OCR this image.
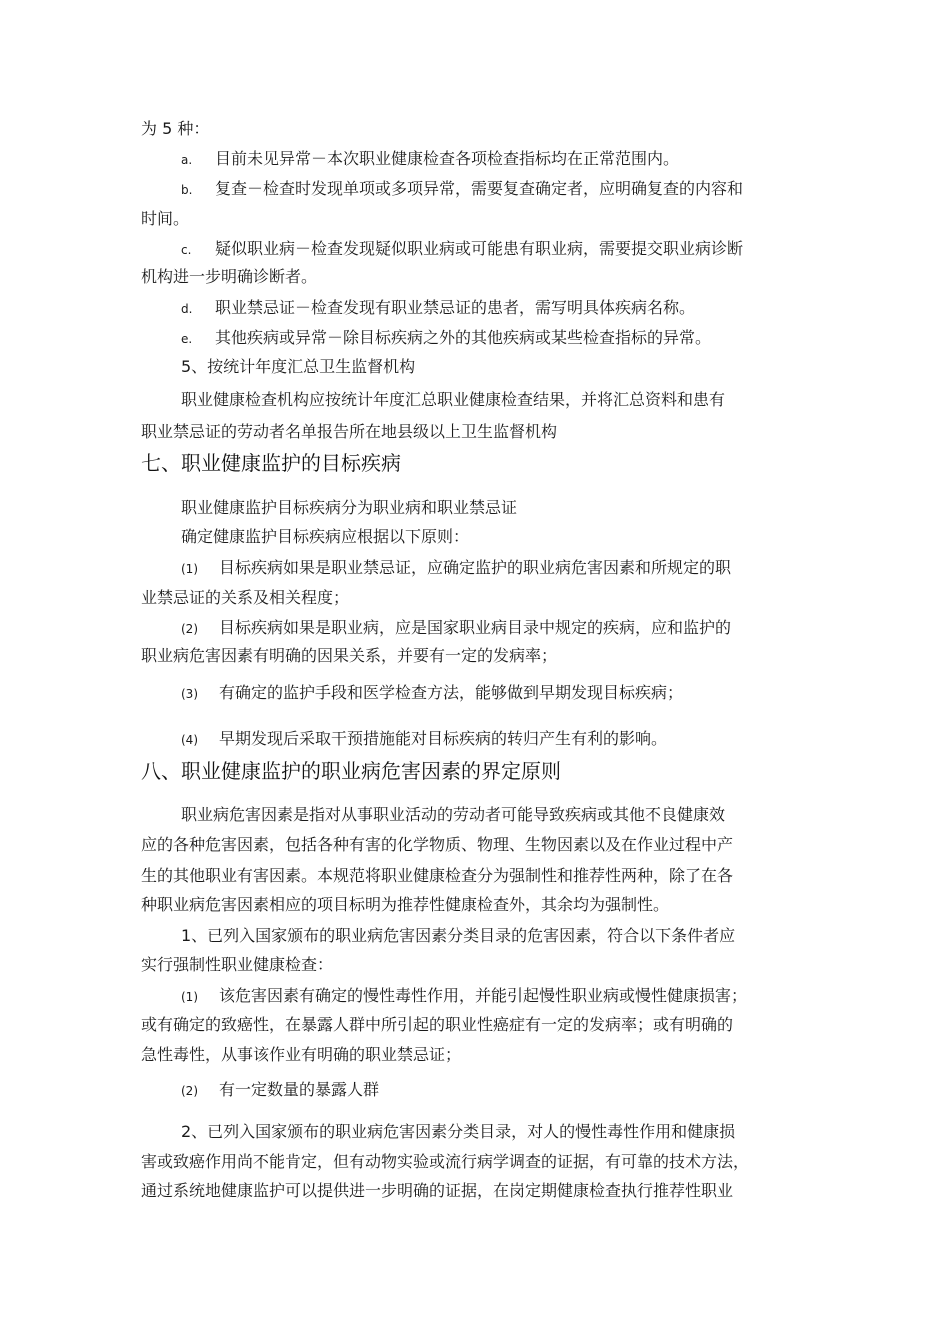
为 5 种：
a. 目前未见异常－本次职业健康检查各项检查指标均在正常范围内。
b. 复查－检查时发现单项或多项异常，需要复查确定者，应明确复查的内容和
时间。
c. 疑似职业病－检查发现疑似职业病或可能患有职业病，需要提交职业病诊断
机构进一步明确诊断者。
d. 职业禁忌证－检查发现有职业禁忌证的患者，需写明具体疾病名称。
e. 其他疾病或异常－除目标疾病之外的其他疾病或某些检查指标的异常。
5、按统计年度汇总卫生监督机构
职业健康检查机构应按统计年度汇总职业健康检查结果，并将汇总资料和患有
职业禁忌证的劳动者名单报告所在地县级以上卫生监督机构
七、职业健康监护的目标疾病
职业健康监护目标疾病分为职业病和职业禁忌证
确定健康监护目标疾病应根据以下原则：
(1) 目标疾病如果是职业禁忌证，应确定监护的职业病危害因素和所规定的职
业禁忌证的关系及相关程度；
(2) 目标疾病如果是职业病，应是国家职业病目录中规定的疾病，应和监护的
职业病危害因素有明确的因果关系，并要有一定的发病率；
(3) 有确定的监护手段和医学检查方法，能够做到早期发现目标疾病；
(4) 早期发现后采取干预措施能对目标疾病的转归产生有利的影响。
八、职业健康监护的职业病危害因素的界定原则
职业病危害因素是指对从事职业活动的劳动者可能导致疾病或其他不良健康效
应的各种危害因素，包括各种有害的化学物质、物理、生物因素以及在作业过程中产
生的其他职业有害因素。本规范将职业健康检查分为强制性和推荐性两种，除了在各
种职业病危害因素相应的项目标明为推荐性健康检查外，其余均为强制性。
1、已列入国家颁布的职业病危害因素分类目录的危害因素，符合以下条件者应
实行强制性职业健康检查：
(1) 该危害因素有确定的慢性毒性作用，并能引起慢性职业病或慢性健康损害；
或有确定的致癌性，在暴露人群中所引起的职业性癌症有一定的发病率；或有明确的
急性毒性，从事该作业有明确的职业禁忌证；
(2) 有一定数量的暴露人群
2、已列入国家颁布的职业病危害因素分类目录，对人的慢性毒性作用和健康损
害或致癌作用尚不能肯定，但有动物实验或流行病学调查的证据，有可靠的技术方法，
通过系统地健康监护可以提供进一步明确的证据，在岗定期健康检查执行推荐性职业
